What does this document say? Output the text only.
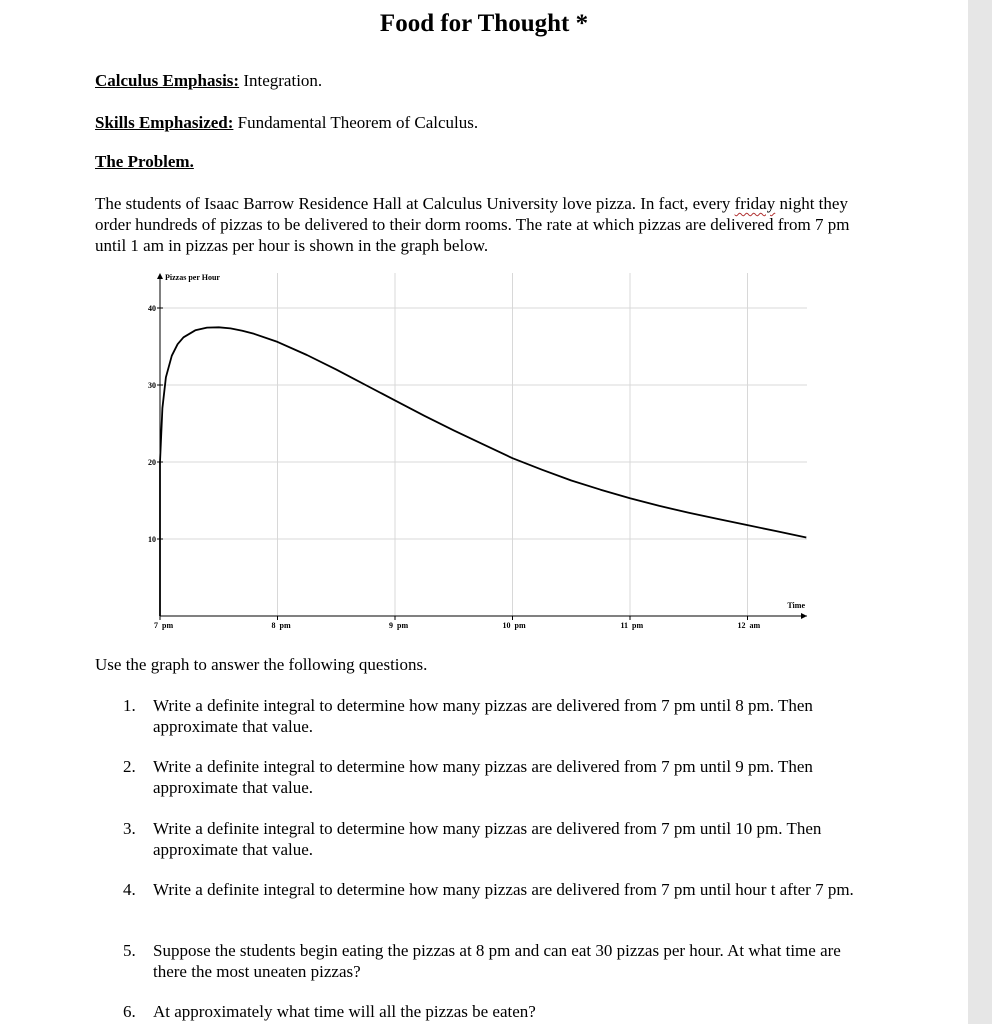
Food for Thought *
Calculus Emphasis: Integration.
Skills Emphasized: Fundamental Theorem of Calculus.
The Problem.
The students of Isaac Barrow Residence Hall at Calculus University love pizza. In fact, every friday night they order hundreds of pizzas to be delivered to their dorm rooms. The rate at which pizzas are delivered from 7 pm until 1 am in pizzas per hour is shown in the graph below.
10
20
30
40
7 pm	8 pm	9 pm	10 pm	11 pm	12 am
Pizzas per Hour
Time
Use the graph to answer the following questions.
1. Write a definite integral to determine how many pizzas are delivered from 7 pm until 8 pm. Then approximate that value.
2. Write a definite integral to determine how many pizzas are delivered from 7 pm until 9 pm. Then approximate that value.
3. Write a definite integral to determine how many pizzas are delivered from 7 pm until 10 pm. Then approximate that value.
4. Write a definite integral to determine how many pizzas are delivered from 7 pm until hour t after 7 pm.
5. Suppose the students begin eating the pizzas at 8 pm and can eat 30 pizzas per hour. At what time are there the most uneaten pizzas?
6. At approximately what time will all the pizzas be eaten?
